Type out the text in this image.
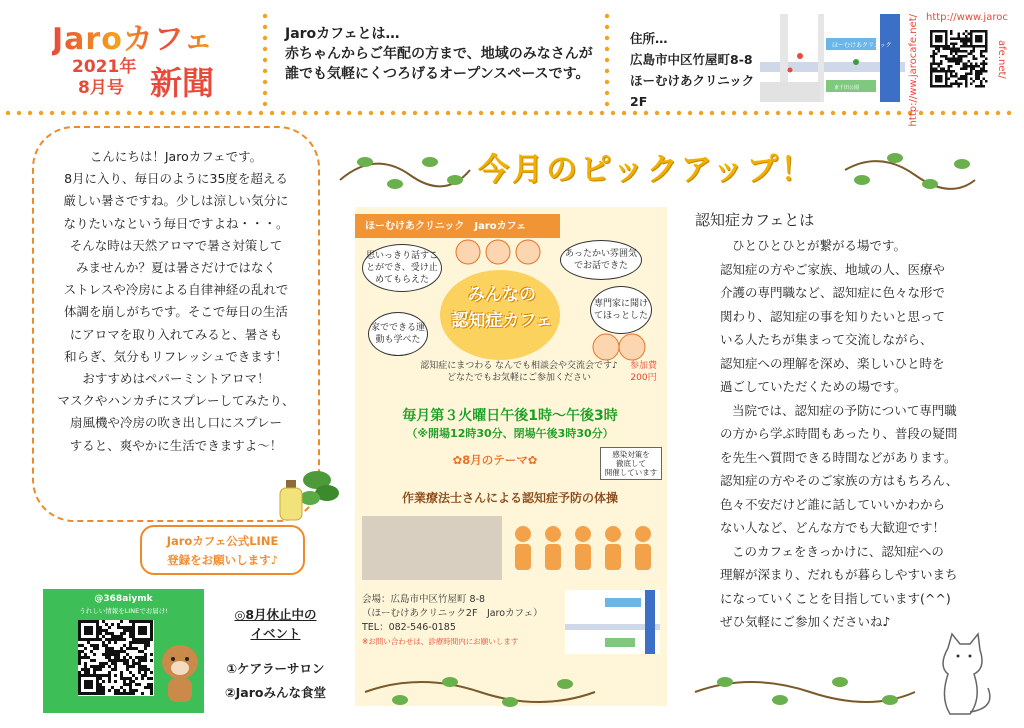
Jaroカフェ
2021年
8月号 新聞
Jaroカフェとは…
赤ちゃんからご年配の方まで、地域のみなさんが
誰でも気軽にくつろげるオープンスペースです。
住所…
広島市中区竹屋町8-8
ほーむけあクリニック2F
ほーむけあクリニック
東千田公園
http://www.jaroc
afe.net/
http://ww.jarocafe.net/
こんにちは！Jaroカフェです。
8月に入り、毎日のように35度を超える
厳しい暑さですね。少しは涼しい気分に
なりたいなという毎日ですよね・・・。
そんな時は天然アロマで暑さ対策して
みませんか？夏は暑さだけではなく
ストレスや冷房による自律神経の乱れで
体調を崩しがちです。そこで毎日の生活
にアロマを取り入れてみると、暑さも
和らぎ、気分もリフレッシュできます！
おすすめはペパーミントアロマ！
マスクやハンカチにスプレーしてみたり、
扇風機や冷房の吹き出し口にスプレー
すると、爽やかに生活できますよ～！
今月のピックアップ！
ほーむけあクリニック　Jaroカフェ
思いっきり話すことができ、受け止めてもらえた
あったかい雰囲気でお話できた
専門家に聞けてほっとした
家でできる運動も学べた
みんなの
認知症カフェ
認知症にまつわる なんでも相談会や交流会です♪
どなたでもお気軽にご参加ください
参加費
200円
毎月第３火曜日午後1時～午後3時
（※開場12時30分、閉場午後3時30分）
✿8月のテーマ✿	感染対策を
徹底して
開催しています
作業療法士さんによる認知症予防の体操
会場：広島市中区竹屋町 8-8
（ほーむけあクリニック2F　Jaroカフェ）
TEL：082-546-0185
※お問い合わせは、診療時間内にお願いします
認知症カフェとは
ひとひとひとが繋がる場です。
認知症の方やご家族、地域の人、医療や
介護の専門職など、認知症に色々な形で
関わり、認知症の事を知りたいと思って
いる人たちが集まって交流しながら、
認知症への理解を深め、楽しいひと時を
過ごしていただくための場です。
当院では、認知症の予防について専門職
の方から学ぶ時間もあったり、普段の疑問
を先生へ質問できる時間などがあります。
認知症の方やそのご家族の方はもちろん、
色々不安だけど誰に話していいかわから
ない人など、どんな方でも大歓迎です！
このカフェをきっかけに、認知症への
理解が深まり、だれもが暮らしやすいまち
になっていくことを目指しています(^^)
ぜひ気軽にご参加くださいね♪
Jaroカフェ公式LINE
登録をお願いします♪
@368aiymk
うれしい情報をLINEでお届け!	◎8月休止中の
イベント
①ケアラーサロン
②Jaroみんな食堂
